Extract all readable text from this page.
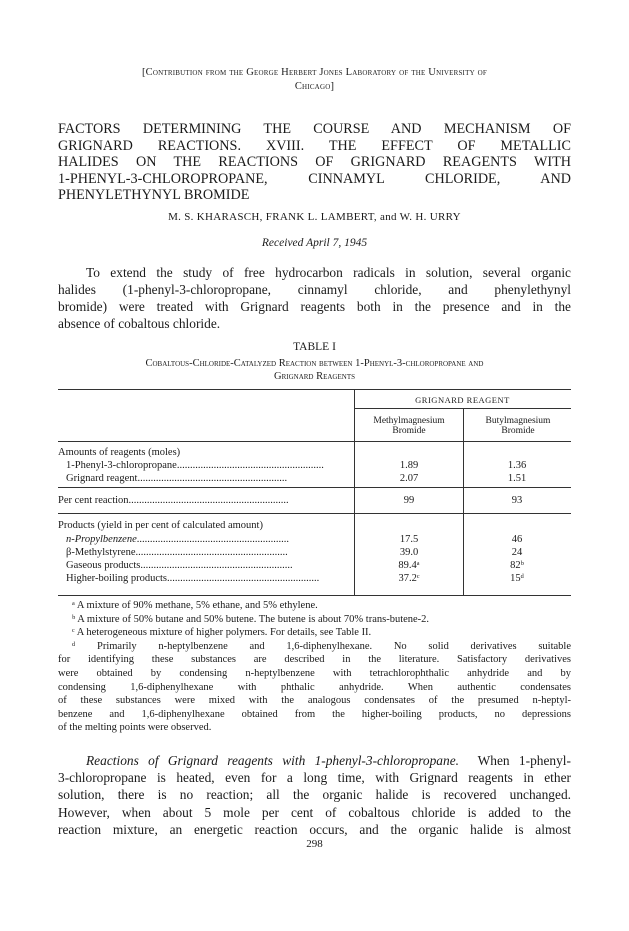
[Contribution from the George Herbert Jones Laboratory of the University of
Chicago]
FACTORS DETERMINING THE COURSE AND MECHANISM OF
GRIGNARD REACTIONS. XVIII. THE EFFECT OF METALLIC
HALIDES ON THE REACTIONS OF GRIGNARD REAGENTS WITH
1-PHENYL-3-CHLOROPROPANE, CINNAMYL CHLORIDE, AND
PHENYLETHYNYL BROMIDE
M. S. KHARASCH, FRANK L. LAMBERT, and W. H. URRY
Received April 7, 1945
To extend the study of free hydrocarbon radicals in solution, several organic
halides (1-phenyl-3-chloropropane, cinnamyl chloride, and phenylethynyl
bromide) were treated with Grignard reagents both in the presence and in the
absence of cobaltous chloride.
TABLE I
Cobaltous-Chloride-Catalyzed Reaction between 1-Phenyl-3-chloropropane and
Grignard Reagents
GRIGNARD REAGENT
Methylmagnesium
Bromide
Butylmagnesium
Bromide
Amounts of reagents (moles)
1-Phenyl-3-chloropropane........................................................	1.89	1.36
Grignard reagent.........................................................	2.07	1.51
Per cent reaction.............................................................	99	93
Products (yield in per cent of calculated amount)
n-Propylbenzene..........................................................	17.5	46
β-Methylstyrene..........................................................	39.0	24
Gaseous products..........................................................	89.4ᵃ	82ᵇ
Higher-boiling products..........................................................	37.2ᶜ	15ᵈ
ᵃ A mixture of 90% methane, 5% ethane, and 5% ethylene.
ᵇ A mixture of 50% butane and 50% butene. The butene is about 70% trans-butene-2.
ᶜ A heterogeneous mixture of higher polymers. For details, see Table II.
ᵈ Primarily n-heptylbenzene and 1,6-diphenylhexane. No solid derivatives suitable
for identifying these substances are described in the literature. Satisfactory derivatives
were obtained by condensing n-heptylbenzene with tetrachlorophthalic anhydride and by
condensing 1,6-diphenylhexane with phthalic anhydride. When authentic condensates
of these substances were mixed with the analogous condensates of the presumed n-heptyl-
benzene and 1,6-diphenylhexane obtained from the higher-boiling products, no depressions
of the melting points were observed.
Reactions of Grignard reagents with 1-phenyl-3-chloropropane. When 1-phenyl-
3-chloropropane is heated, even for a long time, with Grignard reagents in ether
solution, there is no reaction; all the organic halide is recovered unchanged.
However, when about 5 mole per cent of cobaltous chloride is added to the
reaction mixture, an energetic reaction occurs, and the organic halide is almost
298
